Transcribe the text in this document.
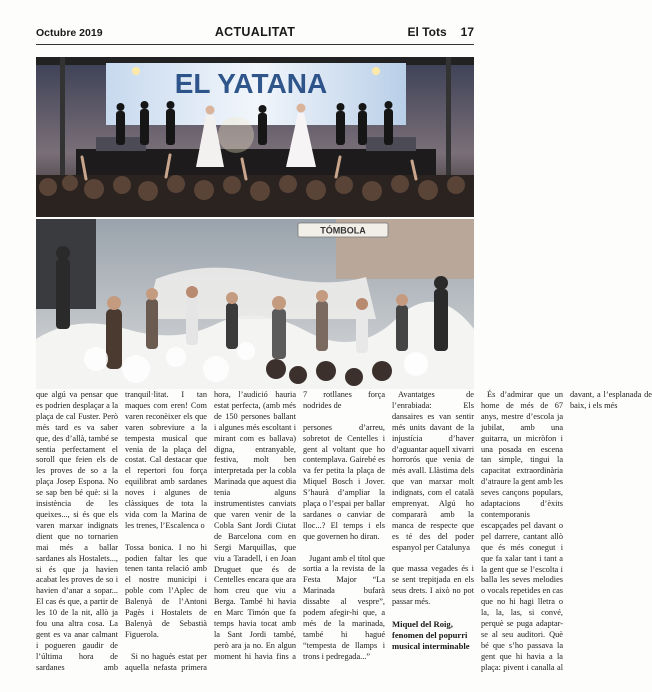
Octubre 2019	ACTUALITAT	El Tots 17
EL YATANA
TÓMBOLA

que algú va pensar que es podrien desplaçar a la plaça de cal Fuster. Però més tard es va saber que, des d’allà, també se sentia perfectament el soroll que feien els de les proves de so a la plaça Josep Espona. No se sap ben bé què: si la insistència de les queixes..., si és que els varen marxar indignats dient que no tornarien mai més a ballar sardanes als Hostalets..., si és que ja havien acabat les proves de so i havien d’anar a sopar... El cas és que, a partir de les 10 de la nit, allò ja fou una altra cosa. La gent es va anar calmant i pogueren gaudir de l’última hora de sardanes amb tranquil·litat. I tan maques com eren! Com varen reconèixer els que varen sobreviure a la tempesta musical que venia de la plaça del costat. Cal destacar que el repertori fou força equilibrat amb sardanes noves i algunes de clàssiques de tota la vida com la Marina de les trenes, l’Escalenca o

Tossa bonica. I no hi podien faltar les que tenen tanta relació amb el nostre municipi i poble com l’Aplec de Balenyà de l’Antoni Pagès i Hostalets de Balenyà de Sebastià Figuerola.

Si no hagués estat per aquella nefasta primera hora, l’audició hauria estat perfecta, (amb més de 150 persones ballant i algunes més escoltant i mirant com es ballava) digna, entranyable, festiva, molt ben interpretada per la cobla Marinada que aquest dia tenia alguns instrumentistes canviats que varen venir de la Cobla Sant Jordi Ciutat de Barcelona com en Sergi Marquillas, que viu a Taradell, i en Joan Druguet que és de Centelles encara que ara hom creu que viu a Berga. També hi havia en Marc Timón que fa temps havia tocat amb la Sant Jordi també, però ara ja no. En algun moment hi havia fins a 7 rotllanes força nodrides de

persones d’arreu, sobretot de Centelles i gent al voltant que ho contemplava. Gairebé es va fer petita la plaça de Miquel Bosch i Jover. S’haurà d’ampliar la plaça o l’espai per ballar sardanes o canviar de lloc...? El temps i els que governen ho diran.

Jugant amb el títol que sortia a la revista de la Festa Major “La Marinada bufarà dissabte al vespre”, podem afegir-hi que, a més de la marinada, també hi hagué “tempesta de llamps i trons i pedregada...”

Avantatges de l’enrabiada: Els dansaires es van sentir més units davant de la injustícia d’haver d’aguantar aquell xivarri horrorós que venia de més avall. Llàstima dels que van marxar molt indignats, com el català emprenyat. Algú ho compararà amb la manca de respecte que es té des del poder espanyol per Catalunya

que massa vegades és i se sent trepitjada en els seus drets. I això no pot passar més.

Miquel del Roig, fenomen del popurri musical interminable

És d’admirar que un home de més de 67 anys, mestre d’escola ja jubilat, amb una guitarra, un micròfon i una posada en escena tan simple, tingui la capacitat extraordinària d’atraure la gent amb les seves cançons populars, adaptacions d’èxits contemporanis escapçades pel davant o pel darrere, cantant allò que és més conegut i que fa xalar tant i tant a la gent que se l’escolta i balla les seves melodies o vocals repetides en cas que no hi hagi lletra o la, la, las, si convé, perquè se puga adaptar-se al seu auditori. Què bé que s’ho passava la gent que hi havia a la plaça: pivent i canalla al davant, a l’esplanada de baix, i els més
